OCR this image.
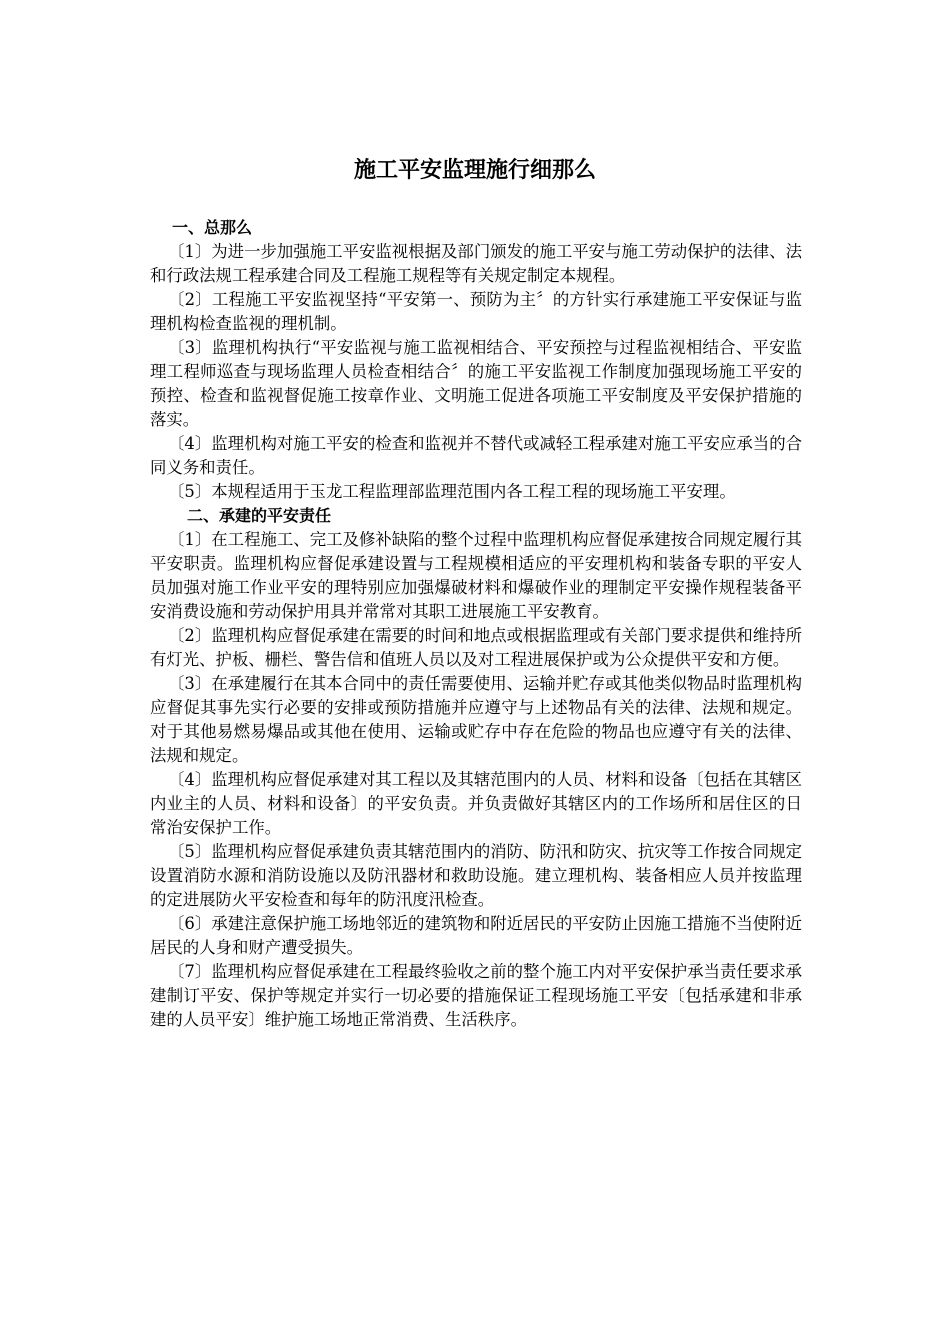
施工平安监理施行细那么

一、总那么

〔1〕为进一步加强施工平安监视根据及部门颁发的施工平安与施工劳动保护的法律、法和行政法规工程承建合同及工程施工规程等有关规定制定本规程。

〔2〕工程施工平安监视坚持“平安第一、预防为主〞的方针实行承建施工平安保证与监理机构检查监视的理机制。

〔3〕监理机构执行“平安监视与施工监视相结合、平安预控与过程监视相结合、平安监理工程师巡查与现场监理人员检查相结合〞的施工平安监视工作制度加强现场施工平安的预控、检查和监视督促施工按章作业、文明施工促进各项施工平安制度及平安保护措施的落实。

〔4〕监理机构对施工平安的检查和监视并不替代或减轻工程承建对施工平安应承当的合同义务和责任。

〔5〕本规程适用于玉龙工程监理部监理范围内各工程工程的现场施工平安理。

二、承建的平安责任

〔1〕在工程施工、完工及修补缺陷的整个过程中监理机构应督促承建按合同规定履行其平安职责。监理机构应督促承建设置与工程规模相适应的平安理机构和装备专职的平安人员加强对施工作业平安的理特别应加强爆破材料和爆破作业的理制定平安操作规程装备平安消费设施和劳动保护用具并常常对其职工进展施工平安教育。

〔2〕监理机构应督促承建在需要的时间和地点或根据监理或有关部门要求提供和维持所有灯光、护板、栅栏、警告信和值班人员以及对工程进展保护或为公众提供平安和方便。

〔3〕在承建履行在其本合同中的责任需要使用、运输并贮存或其他类似物品时监理机构应督促其事先实行必要的安排或预防措施并应遵守与上述物品有关的法律、法规和规定。对于其他易燃易爆品或其他在使用、运输或贮存中存在危险的物品也应遵守有关的法律、法规和规定。

〔4〕监理机构应督促承建对其工程以及其辖范围内的人员、材料和设备〔包括在其辖区内业主的人员、材料和设备〕的平安负责。并负责做好其辖区内的工作场所和居住区的日常治安保护工作。

〔5〕监理机构应督促承建负责其辖范围内的消防、防汛和防灾、抗灾等工作按合同规定设置消防水源和消防设施以及防汛器材和救助设施。建立理机构、装备相应人员并按监理的定进展防火平安检查和每年的防汛度汛检查。

〔6〕承建注意保护施工场地邻近的建筑物和附近居民的平安防止因施工措施不当使附近居民的人身和财产遭受损失。

〔7〕监理机构应督促承建在工程最终验收之前的整个施工内对平安保护承当责任要求承建制订平安、保护等规定并实行一切必要的措施保证工程现场施工平安〔包括承建和非承建的人员平安〕维护施工场地正常消费、生活秩序。
